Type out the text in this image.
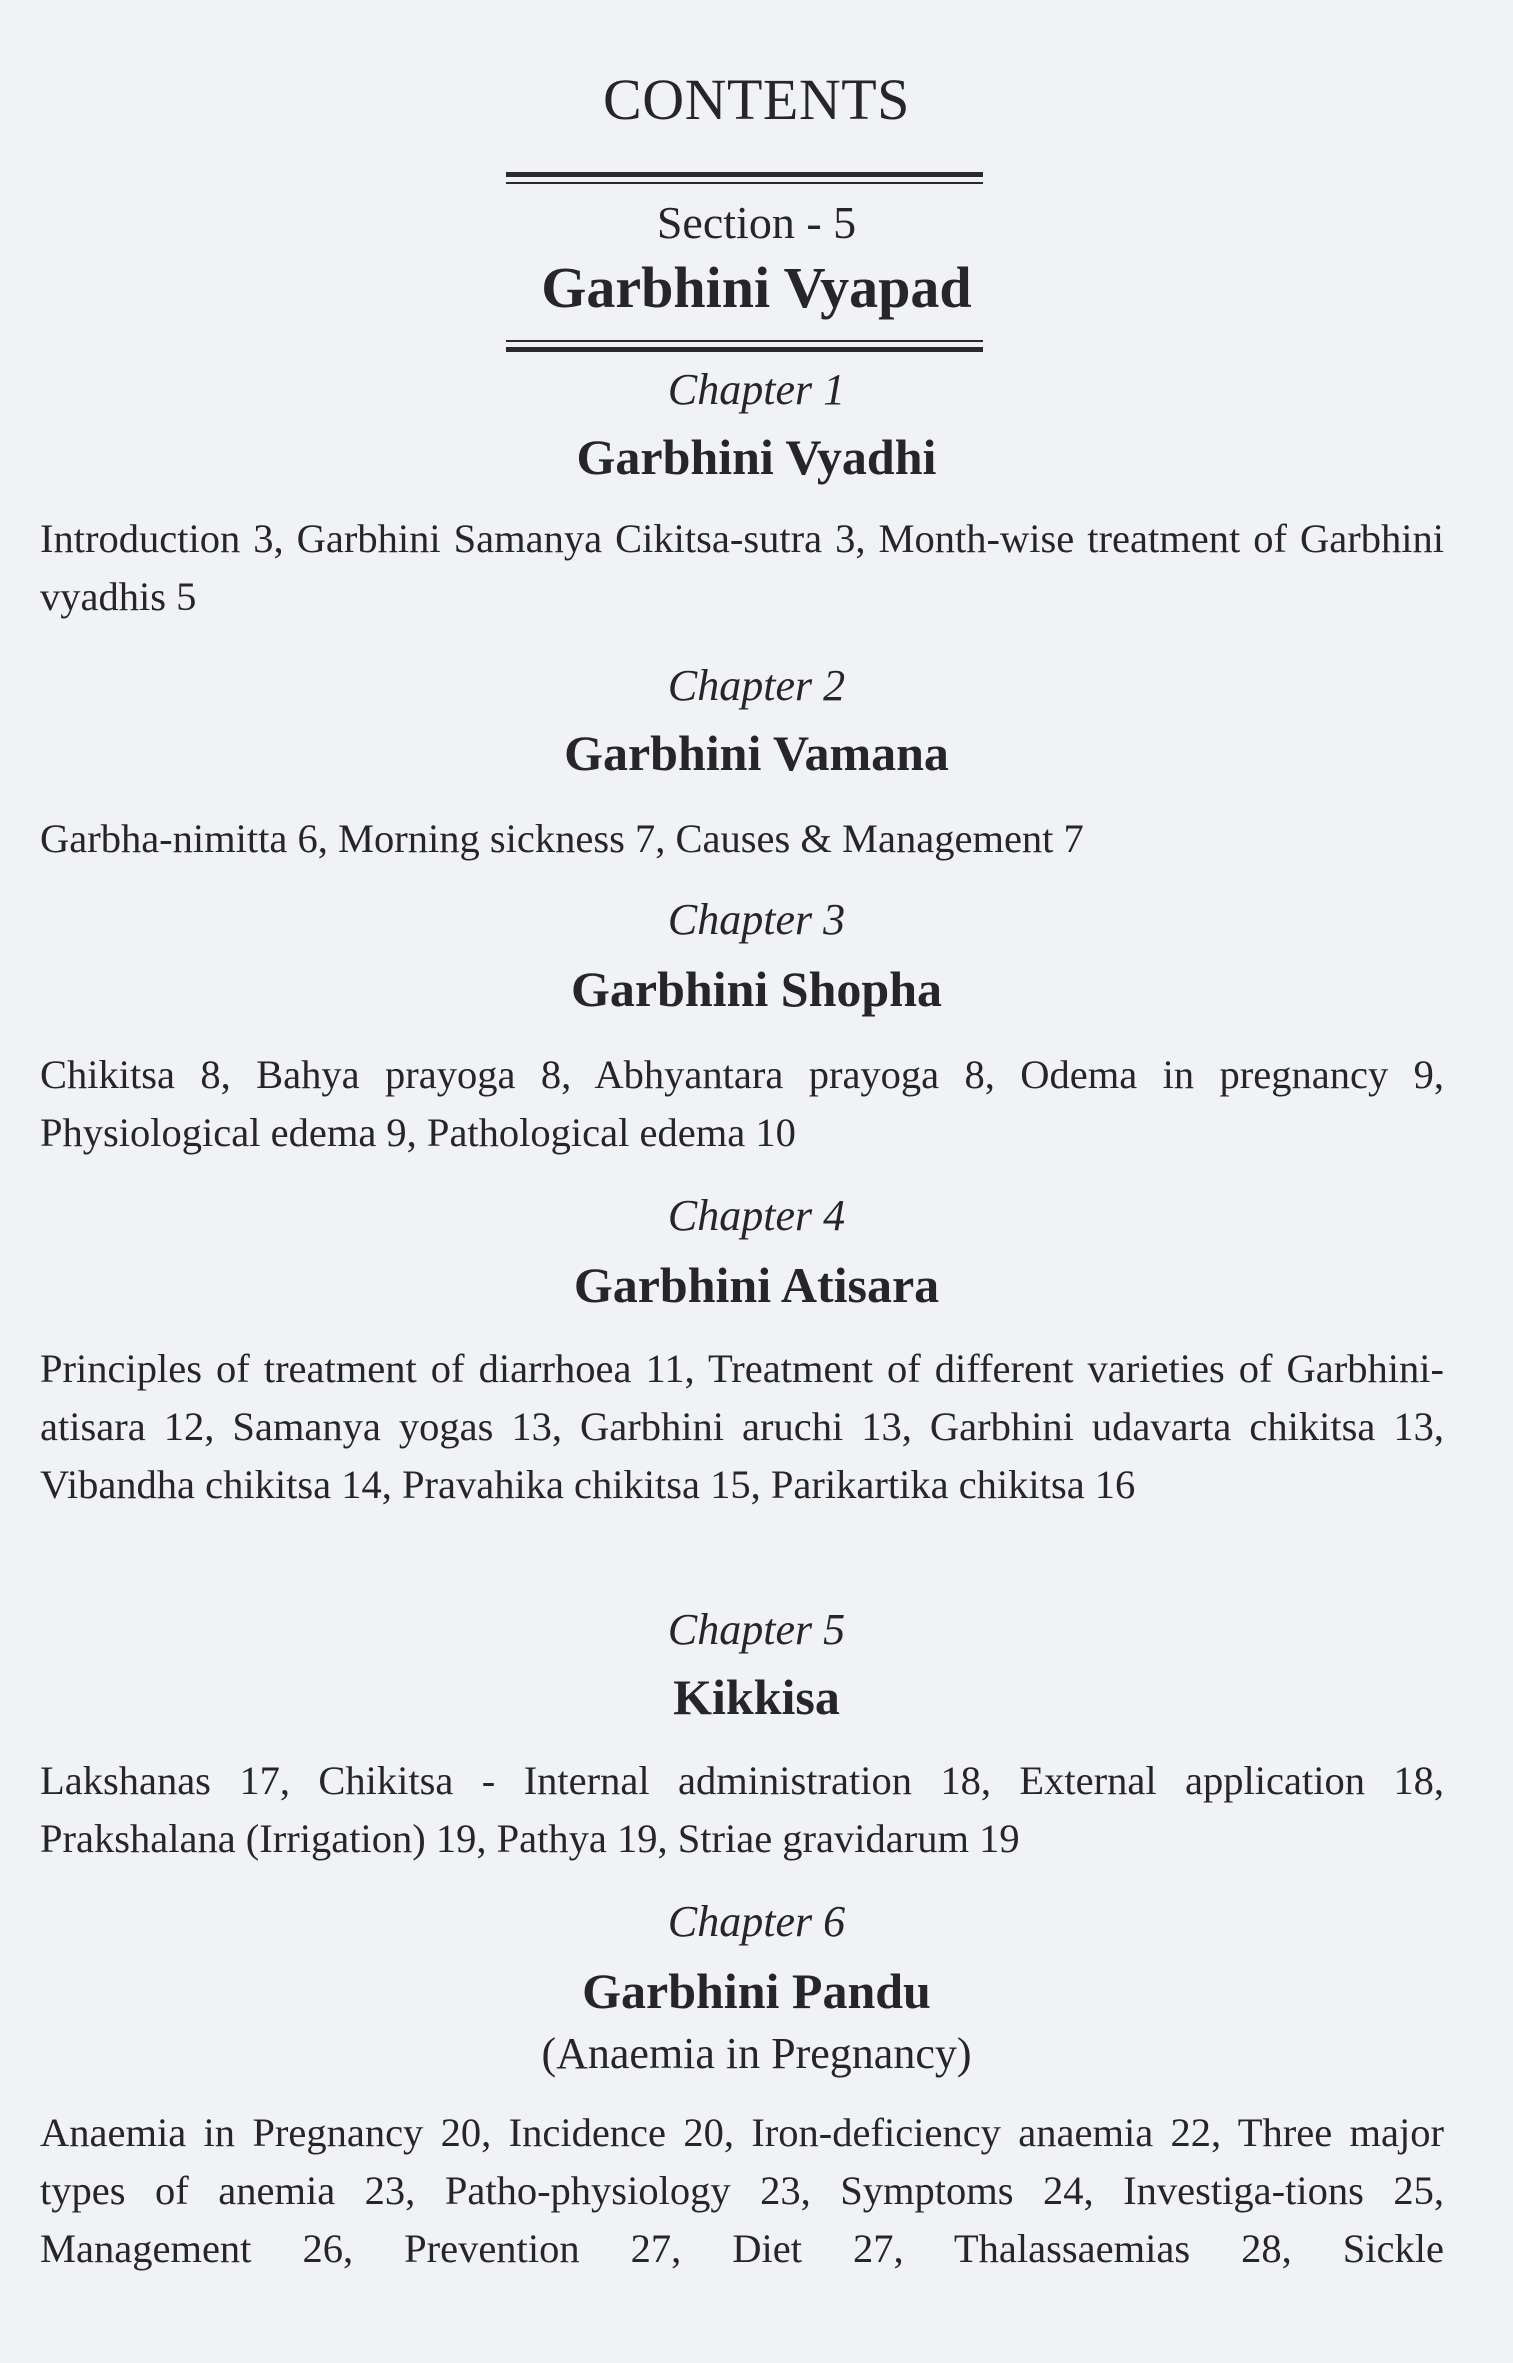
CONTENTS
Section - 5
Garbhini Vyapad
Chapter 1
Garbhini Vyadhi
Introduction 3, Garbhini Samanya Cikitsa-sutra 3, Month-wise treatment of Garbhini vyadhis 5
Chapter 2
Garbhini Vamana
Garbha-nimitta 6, Morning sickness 7, Causes & Management 7
Chapter 3
Garbhini Shopha
Chikitsa 8, Bahya prayoga 8, Abhyantara prayoga 8, Odema in pregnancy 9, Physiological edema 9, Pathological edema 10
Chapter 4
Garbhini Atisara
Principles of treatment of diarrhoea 11, Treatment of different varieties of Garbhini-atisara 12, Samanya yogas 13, Garbhini aruchi 13, Garbhini udavarta chikitsa 13, Vibandha chikitsa 14, Pravahika chikitsa 15, Parikartika chikitsa 16
Chapter 5
Kikkisa
Lakshanas 17, Chikitsa - Internal administration 18, External application 18, Prakshalana (Irrigation) 19, Pathya 19, Striae gravidarum 19
Chapter 6
Garbhini Pandu
(Anaemia in Pregnancy)
Anaemia in Pregnancy 20, Incidence 20, Iron-deficiency anaemia 22, Three major types of anemia 23, Patho-physiology 23, Symptoms 24, Investiga-tions 25, Management 26, Prevention 27, Diet 27, Thalassaemias 28, Sickle
